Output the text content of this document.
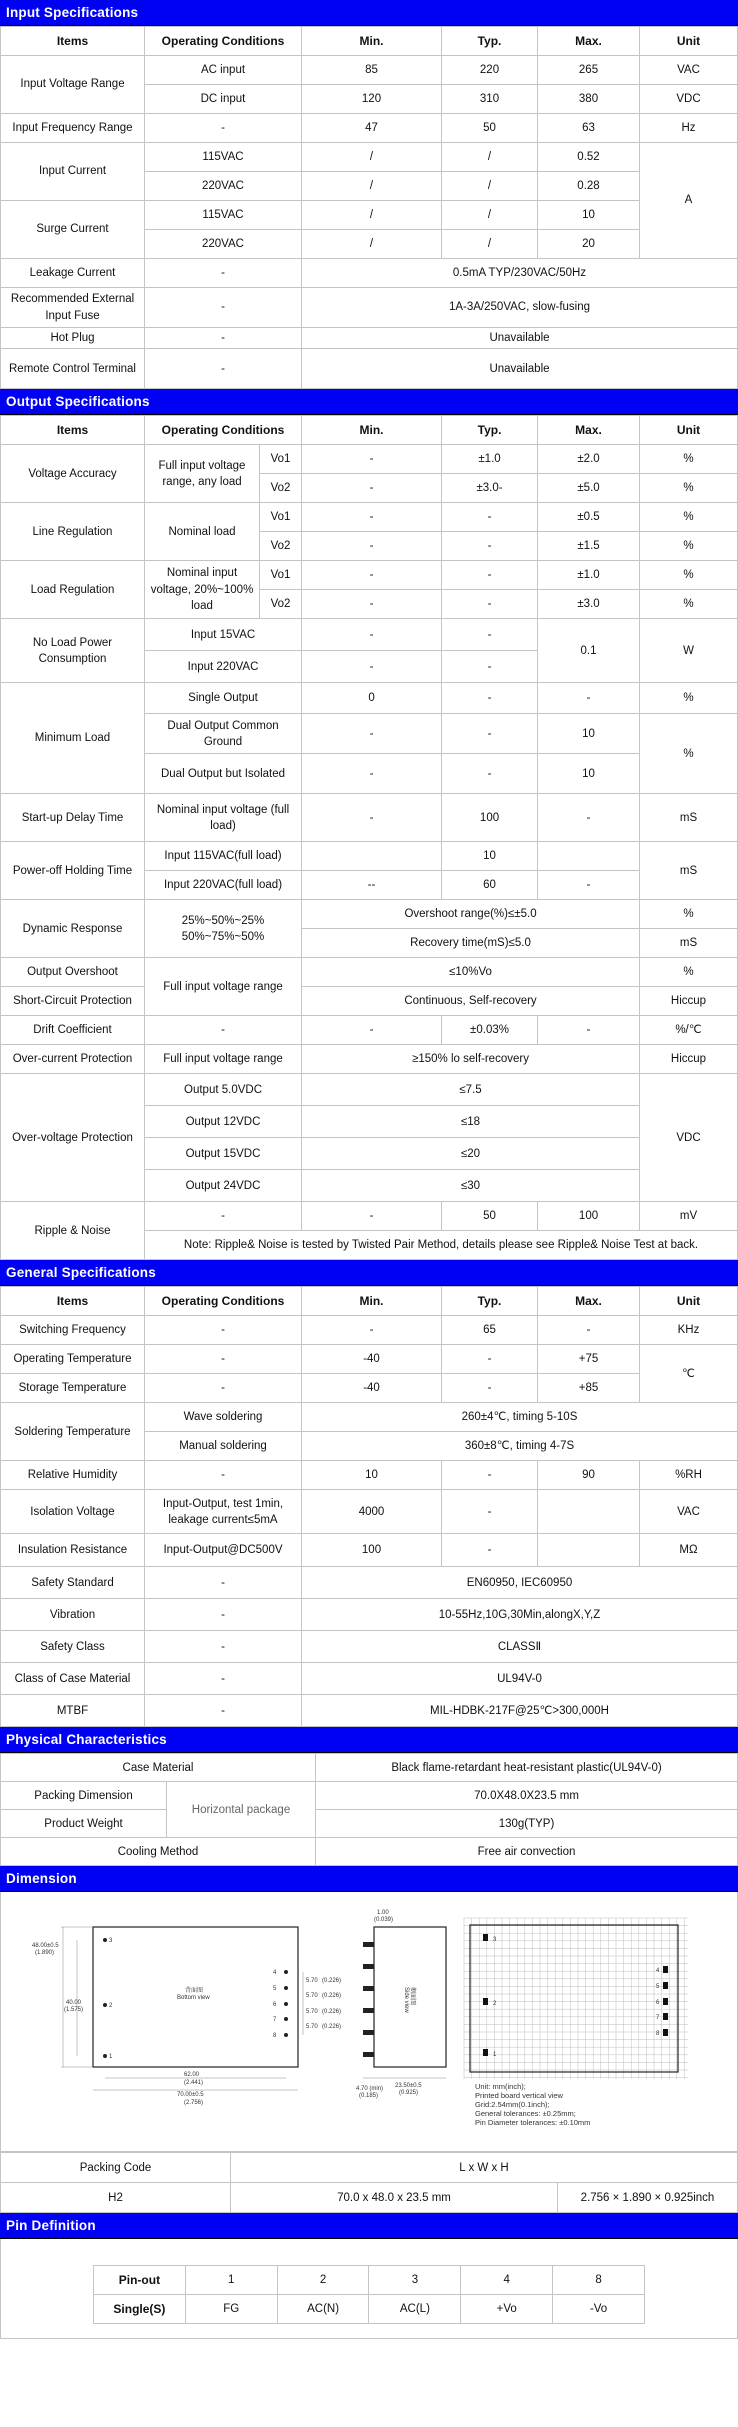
Input Specifications
Items	Operating Conditions	Min.	Typ.	Max.	Unit
Input Voltage Range	AC input	85	220	265	VAC
	DC input	120	310	380	VDC
Input Frequency Range	-	47	50	63	Hz
Input Current	115VAC	/	/	0.52	A
	220VAC	/	/	0.28	
Surge Current	115VAC	/	/	10	
	220VAC	/	/	20	
Leakage Current	-	0.5mA TYP/230VAC/50Hz			
Recommended External Input Fuse	-	1A-3A/250VAC, slow-fusing			
Hot Plug	-	Unavailable			
Remote Control Terminal	-	Unavailable			
Output Specifications
Items	Operating Conditions		Min.	Typ.	Max.	Unit
Voltage Accuracy	Full input voltage range, any load	Vo1	-	±1.0	±2.0	%
		Vo2	-	±3.0-	±5.0	%
Line Regulation	Nominal load	Vo1	-	-	±0.5	%
		Vo2	-	-	±1.5	%
Load Regulation	Nominal input voltage, 20%~100% load	Vo1	-	-	±1.0	%
		Vo2	-	-	±3.0	%
No Load Power Consumption	Input 15VAC		-	-	0.1	W
	Input 220VAC		-	-		
Minimum Load	Single Output		0	-	-	%
	Dual Output Common Ground		-	-	10	%
	Dual Output but Isolated		-	-	10	
Start-up Delay Time	Nominal input voltage (full load)		-	100	-	mS
Power-off Holding Time	Input 115VAC(full load)			10		mS
	Input 220VAC(full load)		--	60	-	
Dynamic Response	25%~50%~25% 50%~75%~50%		Overshoot range(%)≤±5.0			%
			Recovery time(mS)≤5.0			mS
Output Overshoot	Full input voltage range		≤10%Vo			%
Short-Circuit Protection			Continuous, Self-recovery			Hiccup
Drift Coefficient	-		-	±0.03%	-	%/℃
Over-current Protection	Full input voltage range		≥150% lo self-recovery			Hiccup
Over-voltage Protection	Output 5.0VDC		≤7.5			VDC
	Output 12VDC		≤18			
	Output 15VDC		≤20			
	Output 24VDC		≤30			
Ripple & Noise	-		-	50	100	mV
	Note: Ripple& Noise is tested by Twisted Pair Method, details please see Ripple& Noise Test at back.					
General Specifications
Items	Operating Conditions	Min.	Typ.	Max.	Unit
Switching Frequency	-	-	65	-	KHz
Operating Temperature	-	-40	-	+75	℃
Storage Temperature	-	-40	-	+85	
Soldering Temperature	Wave soldering	260±4℃, timing 5-10S			
	Manual soldering	360±8℃, timing 4-7S			
Relative Humidity	-	10	-	90	%RH
Isolation Voltage	Input-Output, test 1min, leakage current≤5mA	4000	-		VAC
Insulation Resistance	Input-Output@DC500V	100	-		MΩ
Safety Standard	-	EN60950, IEC60950			
Vibration	-	10-55Hz,10G,30Min,alongX,Y,Z			
Safety Class	-	CLASSⅡ			
Class of Case Material	-	UL94V-0			
MTBF	-	MIL-HDBK-217F@25℃>300,000H			
Physical Characteristics
Case Material		Black flame-retardant heat-resistant plastic(UL94V-0)
Packing Dimension	Horizontal package	70.0X48.0X23.5 mm
Product Weight		130g(TYP)
Cooling Method		Free air convection
Dimension
3
2
1
4
5
6
7
8
背面图
Bottom view
48.00±0.5
(1.890)
40.00
(1.575)
62.00
(2.441)
70.00±0.5
(2.756)
5.70 (0.226)
5.70 (0.226)
5.70 (0.226)
5.70 (0.226)
侧面图
Side view
1.00
(0.039)
4.70 (min)
(0.185)
23.50±0.5
(0.925)
3
2
1
4
5
6
7
8
Unit: mm(inch);
Printed board vertical view
Grid:2.54mm(0.1inch);
General tolerances: ±0.25mm;
Pin Diameter tolerances: ±0.10mm
Packing Code	L x W x H	
H2	70.0 x 48.0 x 23.5 mm	2.756 × 1.890 × 0.925inch
Pin Definition
Pin-out	1	2	3	4	8
Single(S)	FG	AC(N)	AC(L)	+Vo	-Vo
